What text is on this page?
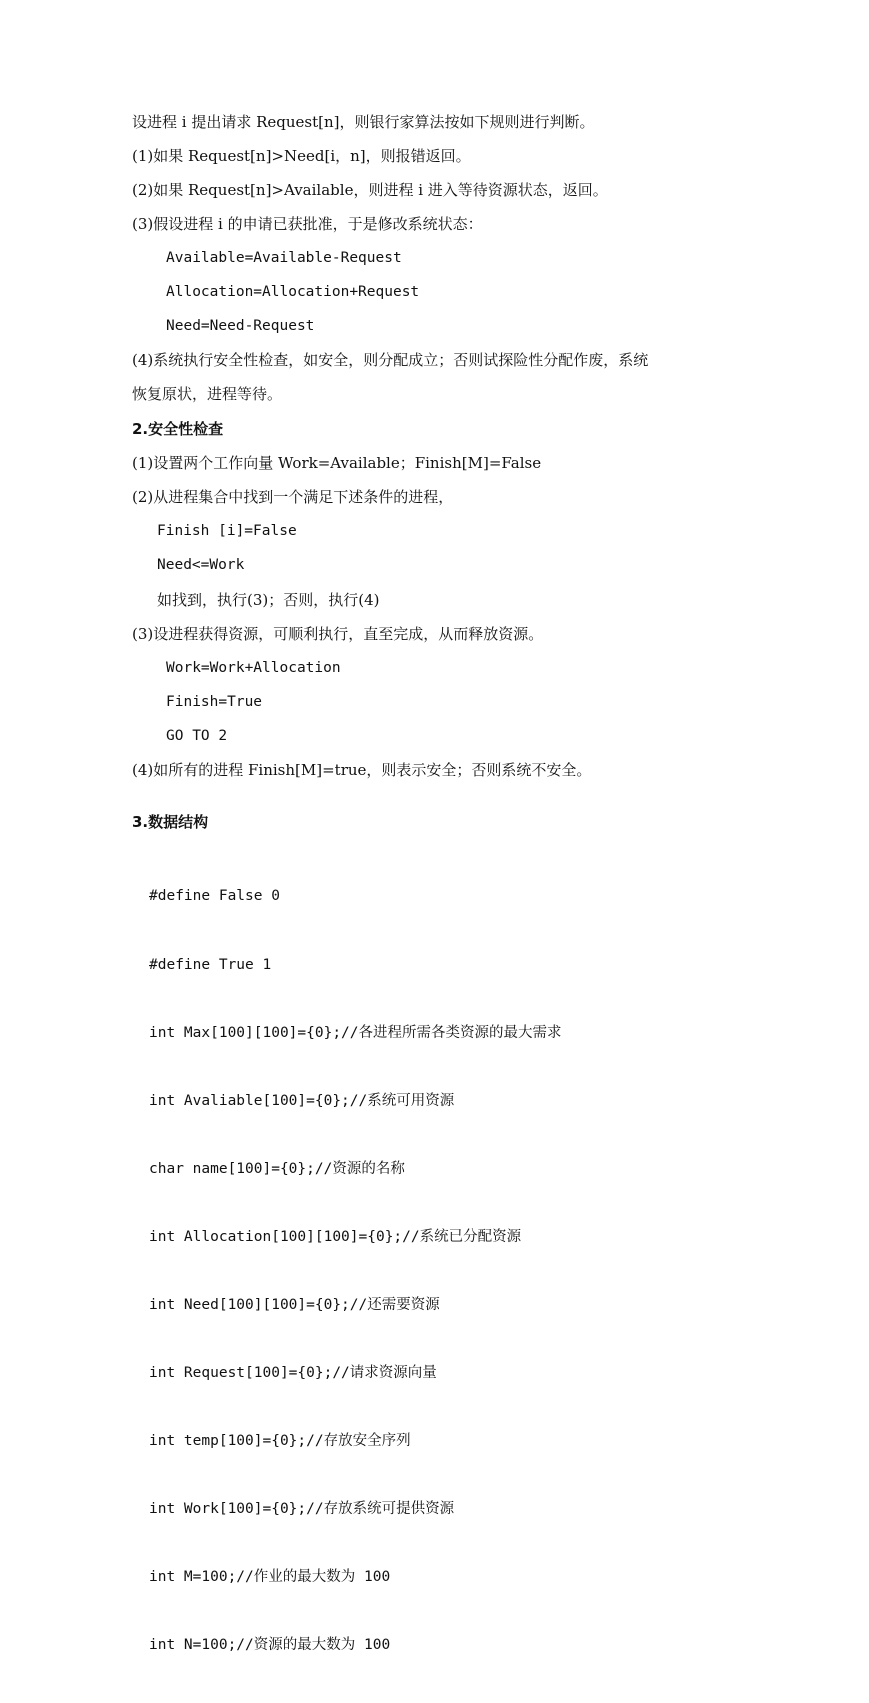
设进程 i 提出请求 Request[n]，则银行家算法按如下规则进行判断。
(1)如果 Request[n]>Need[i，n]，则报错返回。
(2)如果 Request[n]>Available，则进程 i 进入等待资源状态，返回。
(3)假设进程 i 的申请已获批准，于是修改系统状态：
Available=Available-Request
Allocation=Allocation+Request
Need=Need-Request
(4)系统执行安全性检查，如安全，则分配成立；否则试探险性分配作废，系统
恢复原状，进程等待。
2.安全性检查
(1)设置两个工作向量 Work=Available；Finish[M]=False
(2)从进程集合中找到一个满足下述条件的进程，
Finish [i]=False
Need<=Work
如找到，执行(3)；否则，执行(4)
(3)设进程获得资源，可顺利执行，直至完成，从而释放资源。
Work=Work+Allocation
Finish=True
GO TO 2
(4)如所有的进程 Finish[M]=true，则表示安全；否则系统不安全。
3.数据结构

#define False 0

#define True 1

int Max[100][100]={0};//各进程所需各类资源的最大需求

int Avaliable[100]={0};//系统可用资源

char name[100]={0};//资源的名称

int Allocation[100][100]={0};//系统已分配资源

int Need[100][100]={0};//还需要资源

int Request[100]={0};//请求资源向量

int temp[100]={0};//存放安全序列

int Work[100]={0};//存放系统可提供资源

int M=100;//作业的最大数为 100

int N=100;//资源的最大数为 100
